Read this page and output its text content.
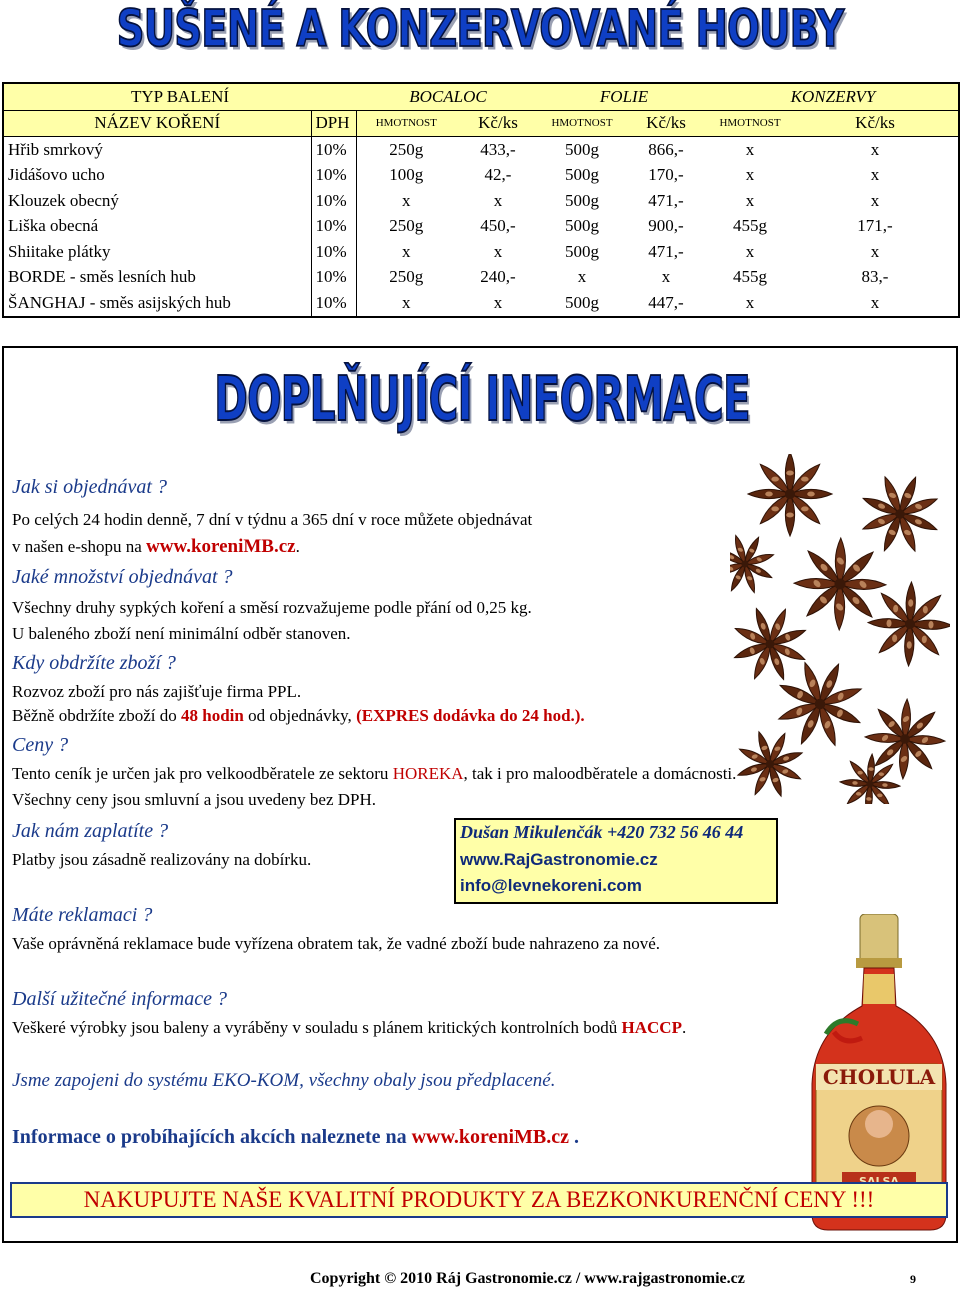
SUŠENÉ A KONZERVOVANÉ HOUBY
TYP BALENÍ		BOCALOC		FOLIE		KONZERVY	
NÁZEV KOŘENÍ	DPH	HMOTNOST	Kč/ks	HMOTNOST	Kč/ks	HMOTNOST	Kč/ks
Hřib smrkový	10%	250g	433,-	500g	866,-	x	x
Jidášovo ucho	10%	100g	42,-	500g	170,-	x	x
Klouzek obecný	10%	x	x	500g	471,-	x	x
Liška obecná	10%	250g	450,-	500g	900,-	455g	171,-
Shiitake plátky	10%	x	x	500g	471,-	x	x
BORDE - směs lesních hub	10%	250g	240,-	x	x	455g	83,-
ŠANGHAJ - směs asijských hub	10%	x	x	500g	447,-	x	x
DOPLŇUJÍCÍ INFORMACE
Jak si objednávat ?
Po celých 24 hodin denně, 7 dní v týdnu a 365 dní v roce můžete objednávat
v našen e-shopu na www.koreniMB.cz.
Jaké množství objednávat ?
Všechny druhy sypkých koření a směsí rozvažujeme podle přání od 0,25 kg.
U baleného zboží není minimální odběr stanoven.
Kdy obdržíte zboží ?
Rozvoz zboží pro nás zajišťuje firma PPL.
Běžně obdržíte zboží do 48 hodin od objednávky, (EXPRES dodávka do 24 hod.).
Ceny ?
Tento ceník je určen jak pro velkoodběratele ze sektoru HOREKA, tak i pro maloodběratele a domácnosti.
Všechny ceny jsou smluvní a jsou uvedeny bez DPH.
Jak nám zaplatíte ?
Platby jsou zásadně realizovány na dobírku.
Dušan Mikulenčák +420 732 56 46 44
www.RajGastronomie.cz
info@levnekoreni.com
Máte reklamaci ?
Vaše oprávněná reklamace bude vyřízena obratem tak, že vadné zboží bude nahrazeno za nové.
CHOLULA
Další užitečné informace ?
Veškeré výrobky jsou baleny a vyráběny v souladu s plánem kritických kontrolních bodů HACCP.
Jsme zapojeni do systému EKO-KOM, všechny obaly jsou předplacené.
Informace o probíhajících akcích naleznete na www.koreniMB.cz .
NAKUPUJTE NAŠE KVALITNÍ PRODUKTY ZA BEZKONKURENČNÍ CENY !!!
Copyright © 2010 Ráj Gastronomie.cz / www.rajgastronomie.cz	9
